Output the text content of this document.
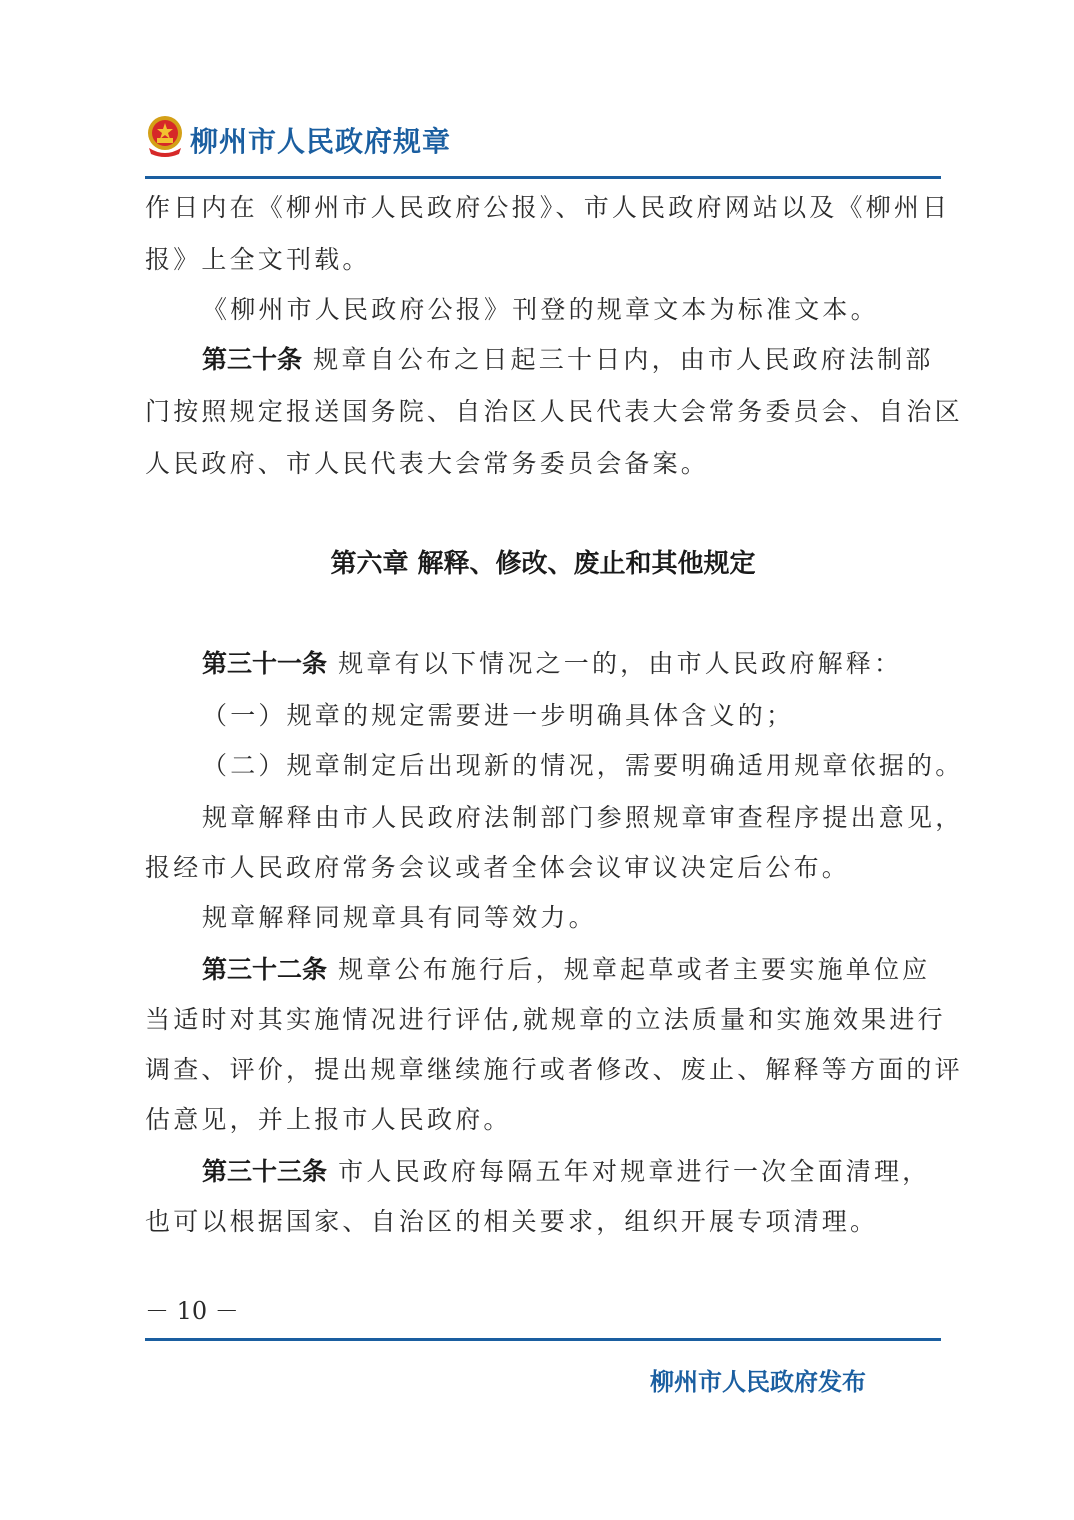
柳州市人民政府规章
作日内在《柳州市人民政府公报》、市人民政府网站以及《柳州日
报》上全文刊载。
《柳州市人民政府公报》刊登的规章文本为标准文本。
第三十条 规章自公布之日起三十日内，由市人民政府法制部
门按照规定报送国务院、自治区人民代表大会常务委员会、自治区
人民政府、市人民代表大会常务委员会备案。
第六章 解释、修改、废止和其他规定
第三十一条 规章有以下情况之一的，由市人民政府解释：
（一）规章的规定需要进一步明确具体含义的；
（二）规章制定后出现新的情况，需要明确适用规章依据的。
规章解释由市人民政府法制部门参照规章审查程序提出意见，
报经市人民政府常务会议或者全体会议审议决定后公布。
规章解释同规章具有同等效力。
第三十二条 规章公布施行后，规章起草或者主要实施单位应
当适时对其实施情况进行评估,就规章的立法质量和实施效果进行
调查、评价，提出规章继续施行或者修改、废止、解释等方面的评
估意见，并上报市人民政府。
第三十三条 市人民政府每隔五年对规章进行一次全面清理，
也可以根据国家、自治区的相关要求，组织开展专项清理。
－ 10 －
柳州市人民政府发布
